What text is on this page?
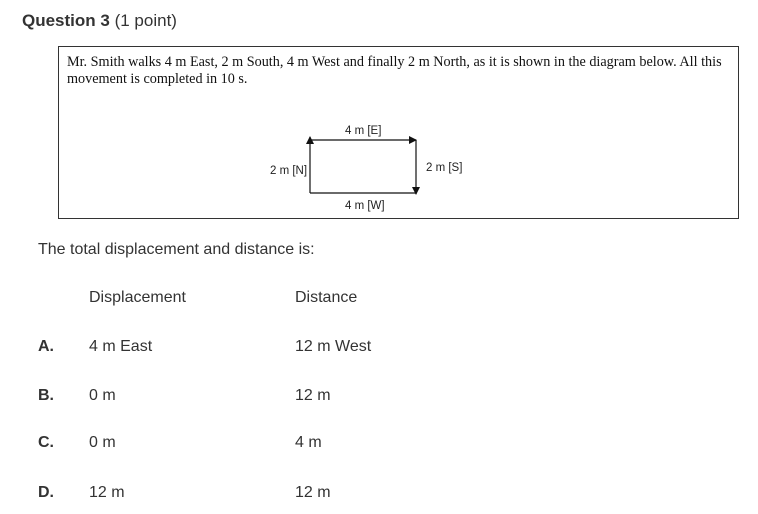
Question 3 (1 point)
Mr. Smith walks 4 m East, 2 m South, 4 m West and finally 2 m North, as it is shown in the diagram below. All this movement is completed in 10 s.
4 m [E]
2 m [S]
4 m [W]
2 m [N]
The total displacement and distance is:
Displacement	Distance
A. 4 m East	12 m West
B. 0 m	12 m
C. 0 m	4 m
D. 12 m	12 m
